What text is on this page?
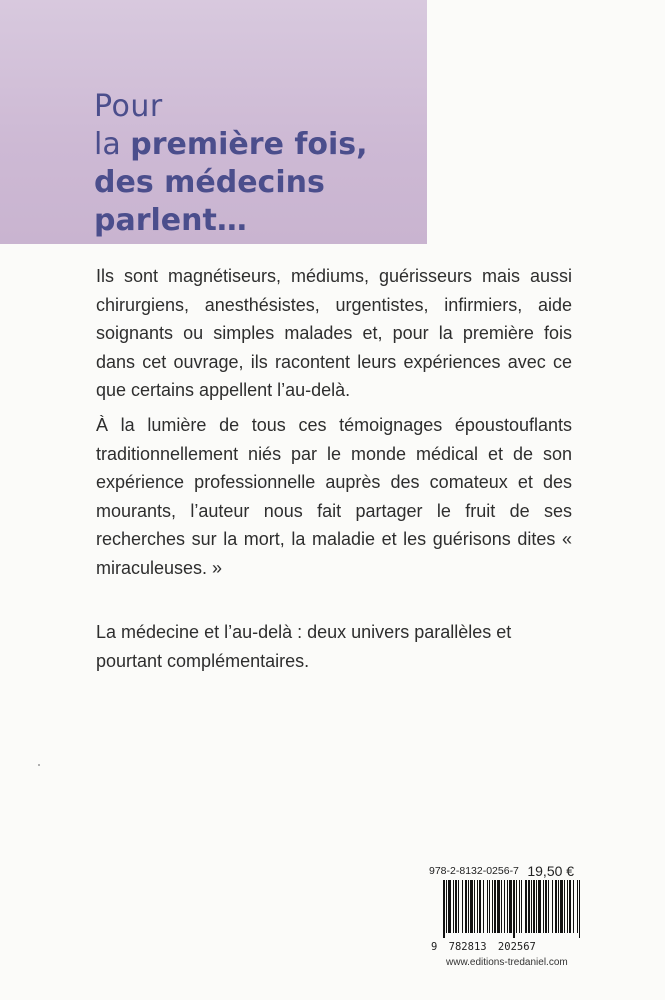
Pour
la première fois,
des médecins
parlent…

Ils sont magnétiseurs, médiums, guérisseurs mais aussi chirurgiens, anesthésistes, urgentistes, infirmiers, aide soignants ou simples malades et, pour la première fois dans cet ouvrage, ils racontent leurs expériences avec ce que certains appellent l’au-delà.

À la lumière de tous ces témoignages époustouflants traditionnellement niés par le monde médical et de son expérience professionnelle auprès des comateux et des mourants, l’auteur nous fait partager le fruit de ses recherches sur la mort, la maladie et les guérisons dites « miraculeuses. »

La médecine et l’au-delà : deux univers parallèles et pourtant complémentaires.

978-2-8132-0256-7 19,50 €
9 782813 202567
www.editions-tredaniel.com
